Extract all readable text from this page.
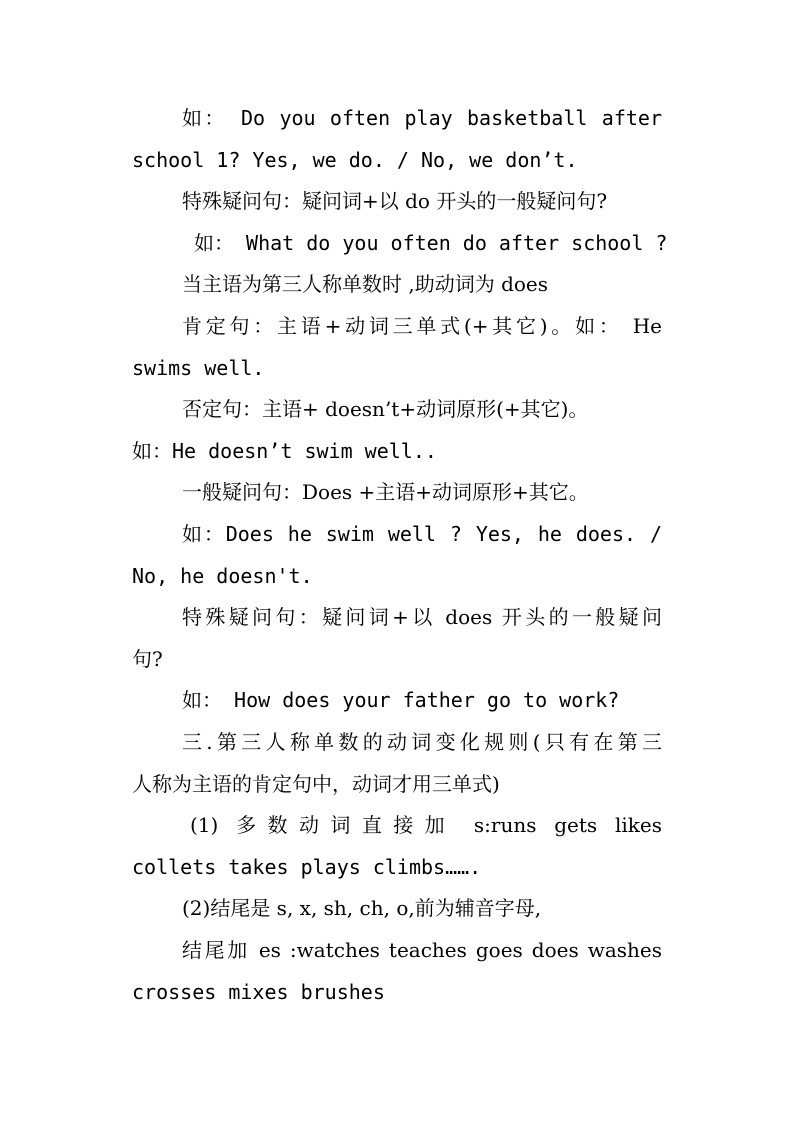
如： Do you often play basketball after
school 1? Yes, we do. / No, we don’t.
特殊疑问句：疑问词+以 do 开头的一般疑问句?
如： What do you often do after school ?
当主语为第三人称单数时 ,助动词为 does
肯定句：主语+动词三单式(+其它)。如： He
swims well.
否定句：主语+ doesn’t+动词原形(+其它)。
如：He doesn’t swim well..
一般疑问句：Does +主语+动词原形+其它。
如：Does he swim well ? Yes, he does. /
No, he doesn't.
特殊疑问句：疑问词+以 does 开头的一般疑问
句?
如： How does your father go to work?
三.第三人称单数的动词变化规则(只有在第三
人称为主语的肯定句中，动词才用三单式)
(1) 多数动词直接加 s:runs gets likes
collets takes plays climbs…….
(2)结尾是 s, x, sh, ch, o,前为辅音字母,
结尾加 es :watches teaches goes does washes
crosses mixes brushes
